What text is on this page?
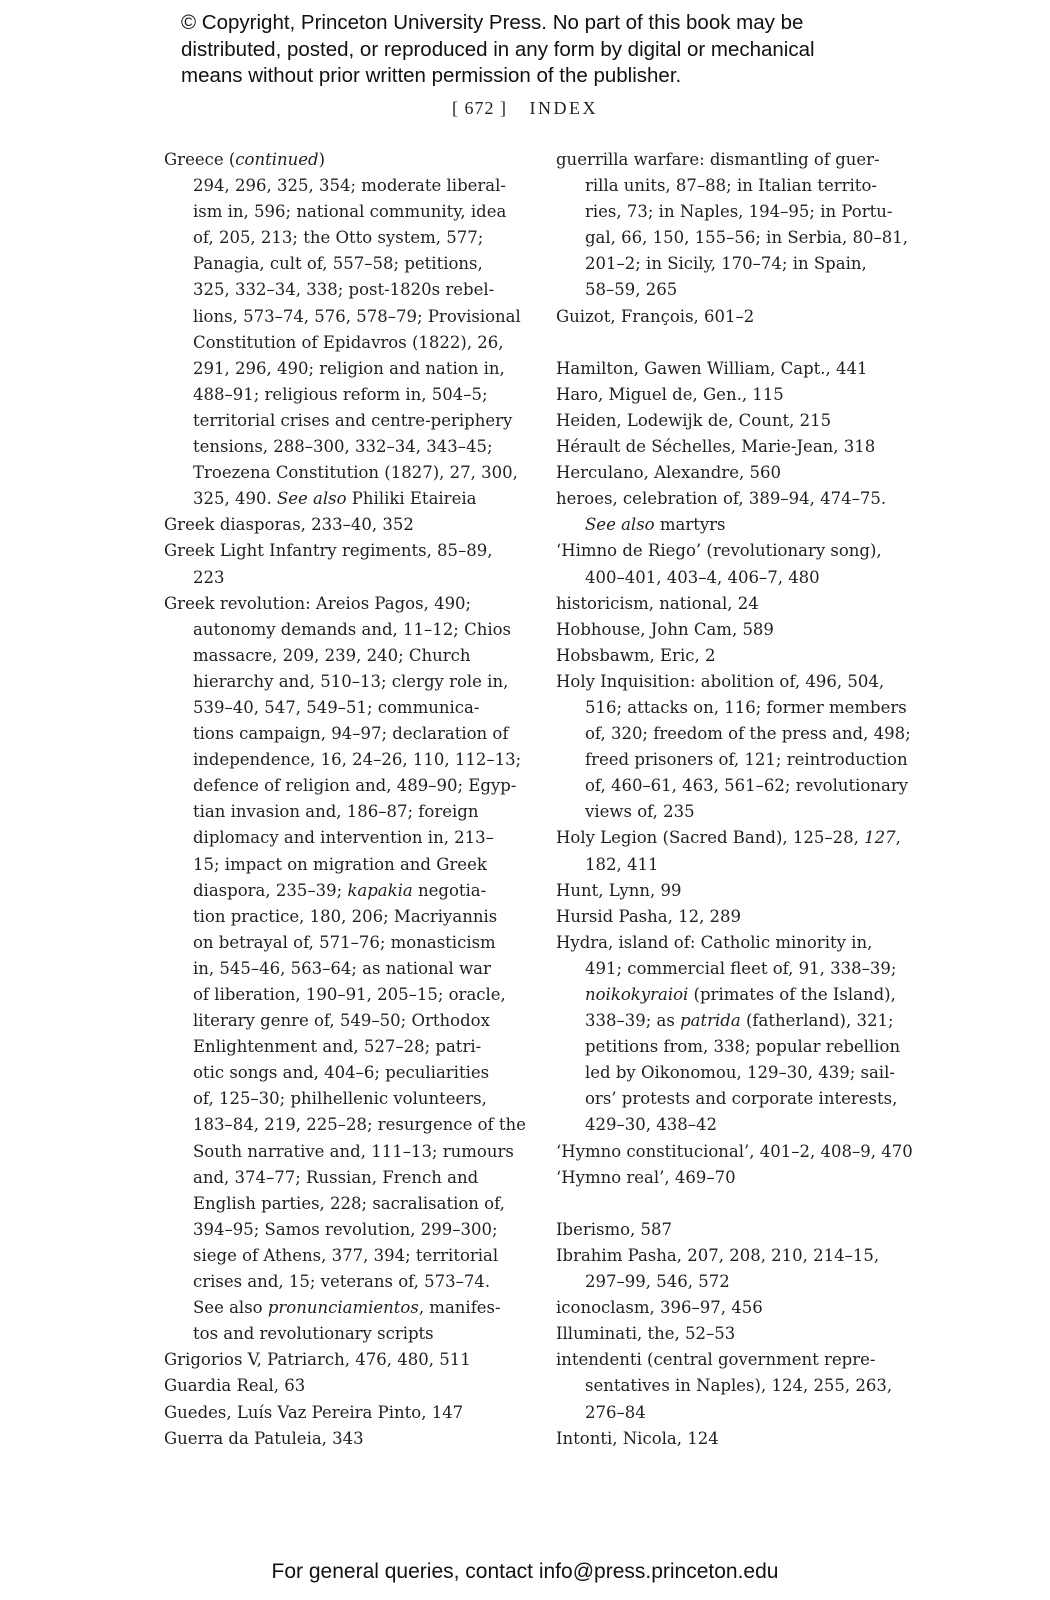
© Copyright, Princeton University Press. No part of this book may be
distributed, posted, or reproduced in any form by digital or mechanical
means without prior written permission of the publisher.
[ 672 ] INDEX
Greece (continued)
294, 296, 325, 354; moderate liberal-
ism in, 596; national community, idea
of, 205, 213; the Otto system, 577;
Panagia, cult of, 557–58; petitions,
325, 332–34, 338; post-1820s rebel-
lions, 573–74, 576, 578–79; Provisional
Constitution of Epidavros (1822), 26,
291, 296, 490; religion and nation in,
488–91; religious reform in, 504–5;
territorial crises and centre-periphery
tensions, 288–300, 332–34, 343–45;
Troezena Constitution (1827), 27, 300,
325, 490. See also Philiki Etaireia
Greek diasporas, 233–40, 352
Greek Light Infantry regiments, 85–89,
223
Greek revolution: Areios Pagos, 490;
autonomy demands and, 11–12; Chios
massacre, 209, 239, 240; Church
hierarchy and, 510–13; clergy role in,
539–40, 547, 549–51; communica-
tions campaign, 94–97; declaration of
independence, 16, 24–26, 110, 112–13;
defence of religion and, 489–90; Egyp-
tian invasion and, 186–87; foreign
diplomacy and intervention in, 213–
15; impact on migration and Greek
diaspora, 235–39; kapakia negotia-
tion practice, 180, 206; Macriyannis
on betrayal of, 571–76; monasticism
in, 545–46, 563–64; as national war
of liberation, 190–91, 205–15; oracle,
literary genre of, 549–50; Orthodox
Enlightenment and, 527–28; patri-
otic songs and, 404–6; peculiarities
of, 125–30; philhellenic volunteers,
183–84, 219, 225–28; resurgence of the
South narrative and, 111–13; rumours
and, 374–77; Russian, French and
English parties, 228; sacralisation of,
394–95; Samos revolution, 299–300;
siege of Athens, 377, 394; territorial
crises and, 15; veterans of, 573–74.
See also pronunciamientos, manifes-
tos and revolutionary scripts
Grigorios V, Patriarch, 476, 480, 511
Guardia Real, 63
Guedes, Luís Vaz Pereira Pinto, 147
Guerra da Patuleia, 343
guerrilla warfare: dismantling of guer-
rilla units, 87–88; in Italian territo-
ries, 73; in Naples, 194–95; in Portu-
gal, 66, 150, 155–56; in Serbia, 80–81,
201–2; in Sicily, 170–74; in Spain,
58–59, 265
Guizot, François, 601–2
Hamilton, Gawen William, Capt., 441
Haro, Miguel de, Gen., 115
Heiden, Lodewijk de, Count, 215
Hérault de Séchelles, Marie-Jean, 318
Herculano, Alexandre, 560
heroes, celebration of, 389–94, 474–75.
See also martyrs
‘Himno de Riego’ (revolutionary song),
400–401, 403–4, 406–7, 480
historicism, national, 24
Hobhouse, John Cam, 589
Hobsbawm, Eric, 2
Holy Inquisition: abolition of, 496, 504,
516; attacks on, 116; former members
of, 320; freedom of the press and, 498;
freed prisoners of, 121; reintroduction
of, 460–61, 463, 561–62; revolutionary
views of, 235
Holy Legion (Sacred Band), 125–28, 127,
182, 411
Hunt, Lynn, 99
Hursid Pasha, 12, 289
Hydra, island of: Catholic minority in,
491; commercial fleet of, 91, 338–39;
noikokyraioi (primates of the Island),
338–39; as patrida (fatherland), 321;
petitions from, 338; popular rebellion
led by Oikonomou, 129–30, 439; sail-
ors’ protests and corporate interests,
429–30, 438–42
‘Hymno constitucional’, 401–2, 408–9, 470
‘Hymno real’, 469–70
Iberismo, 587
Ibrahim Pasha, 207, 208, 210, 214–15,
297–99, 546, 572
iconoclasm, 396–97, 456
Illuminati, the, 52–53
intendenti (central government repre-
sentatives in Naples), 124, 255, 263,
276–84
Intonti, Nicola, 124
For general queries, contact info@press.princeton.edu
